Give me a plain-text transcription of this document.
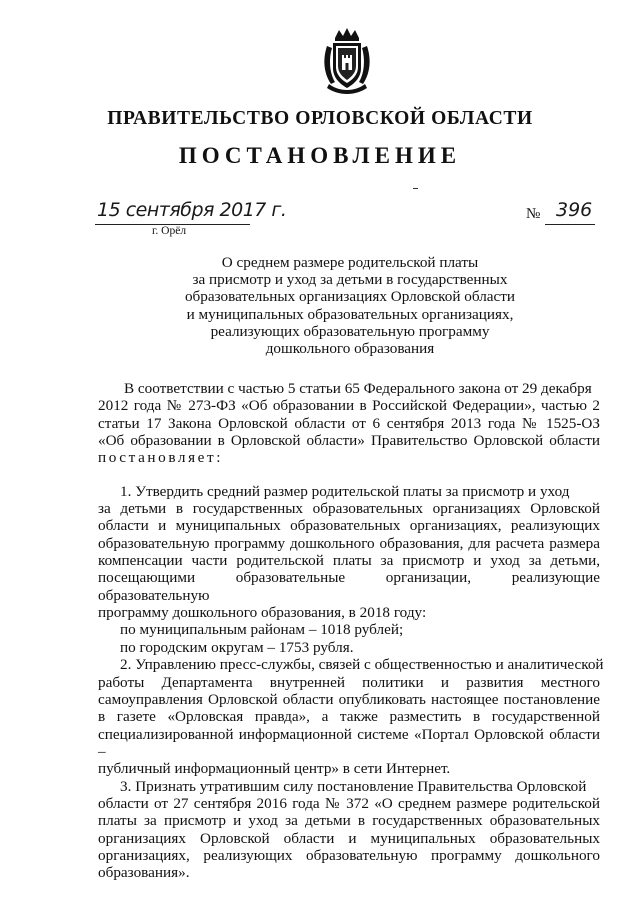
ПРАВИТЕЛЬСТВО ОРЛОВСКОЙ ОБЛАСТИ
ПОСТАНОВЛЕНИЕ
15 сентября 2017 г.
г. Орёл
№ 396
О среднем размере родительской платы
за присмотр и уход за детьми в государственных
образовательных организациях Орловской области
и муниципальных образовательных организациях,
реализующих образовательную программу
дошкольного образования
В соответствии с частью 5 статьи 65 Федерального закона от 29 декабря
2012 года № 273-ФЗ «Об образовании в Российской Федерации», частью 2
статьи 17 Закона Орловской области от 6 сентября 2013 года № 1525-ОЗ
«Об образовании в Орловской области» Правительство Орловской области
постановляет:
1. Утвердить средний размер родительской платы за присмотр и уход
за детьми в государственных образовательных организациях Орловской
области и муниципальных образовательных организациях, реализующих
образовательную программу дошкольного образования, для расчета размера
компенсации части родительской платы за присмотр и уход за детьми,
посещающими образовательные организации, реализующие образовательную
программу дошкольного образования, в 2018 году:
по муниципальным районам – 1018 рублей;
по городским округам – 1753 рубля.
2. Управлению пресс-службы, связей с общественностью и аналитической
работы Департамента внутренней политики и развития местного
самоуправления Орловской области опубликовать настоящее постановление
в газете «Орловская правда», а также разместить в государственной
специализированной информационной системе «Портал Орловской области –
публичный информационный центр» в сети Интернет.
3. Признать утратившим силу постановление Правительства Орловской
области от 27 сентября 2016 года № 372 «О среднем размере родительской
платы за присмотр и уход за детьми в государственных образовательных
организациях Орловской области и муниципальных образовательных
организациях, реализующих образовательную программу дошкольного
образования».
